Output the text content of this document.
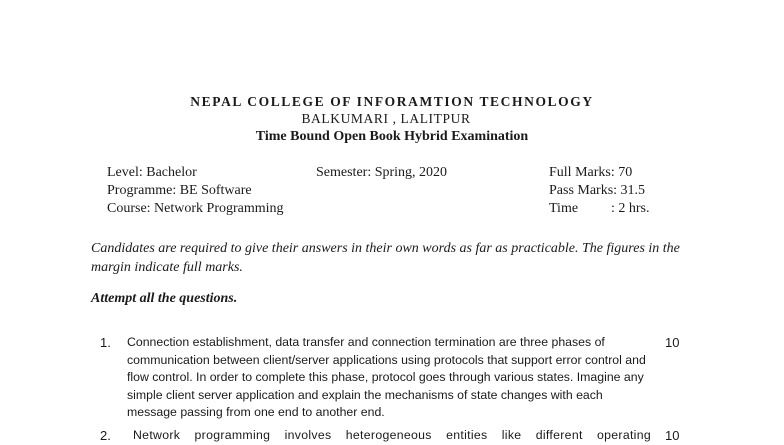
NEPAL COLLEGE OF INFORAMTION TECHNOLOGY
BALKUMARI , LALITPUR
Time Bound Open Book Hybrid Examination
Level: Bachelor
Programme: BE Software
Course: Network Programming
Semester: Spring, 2020	Full Marks: 70
Pass Marks: 31.5
Time : 2 hrs.
Candidates are required to give their answers in their own words as far as practicable. The figures in the margin indicate full marks.
Attempt all the questions.
1. Connection establishment, data transfer and connection termination are three phases of communication between client/server applications using protocols that support error control and flow control. In order to complete this phase, protocol goes through various states. Imagine any simple client server application and explain the mechanisms of state changes with each message passing from one end to another end.
10
2. Network programming involves heterogeneous entities like different operating 10
